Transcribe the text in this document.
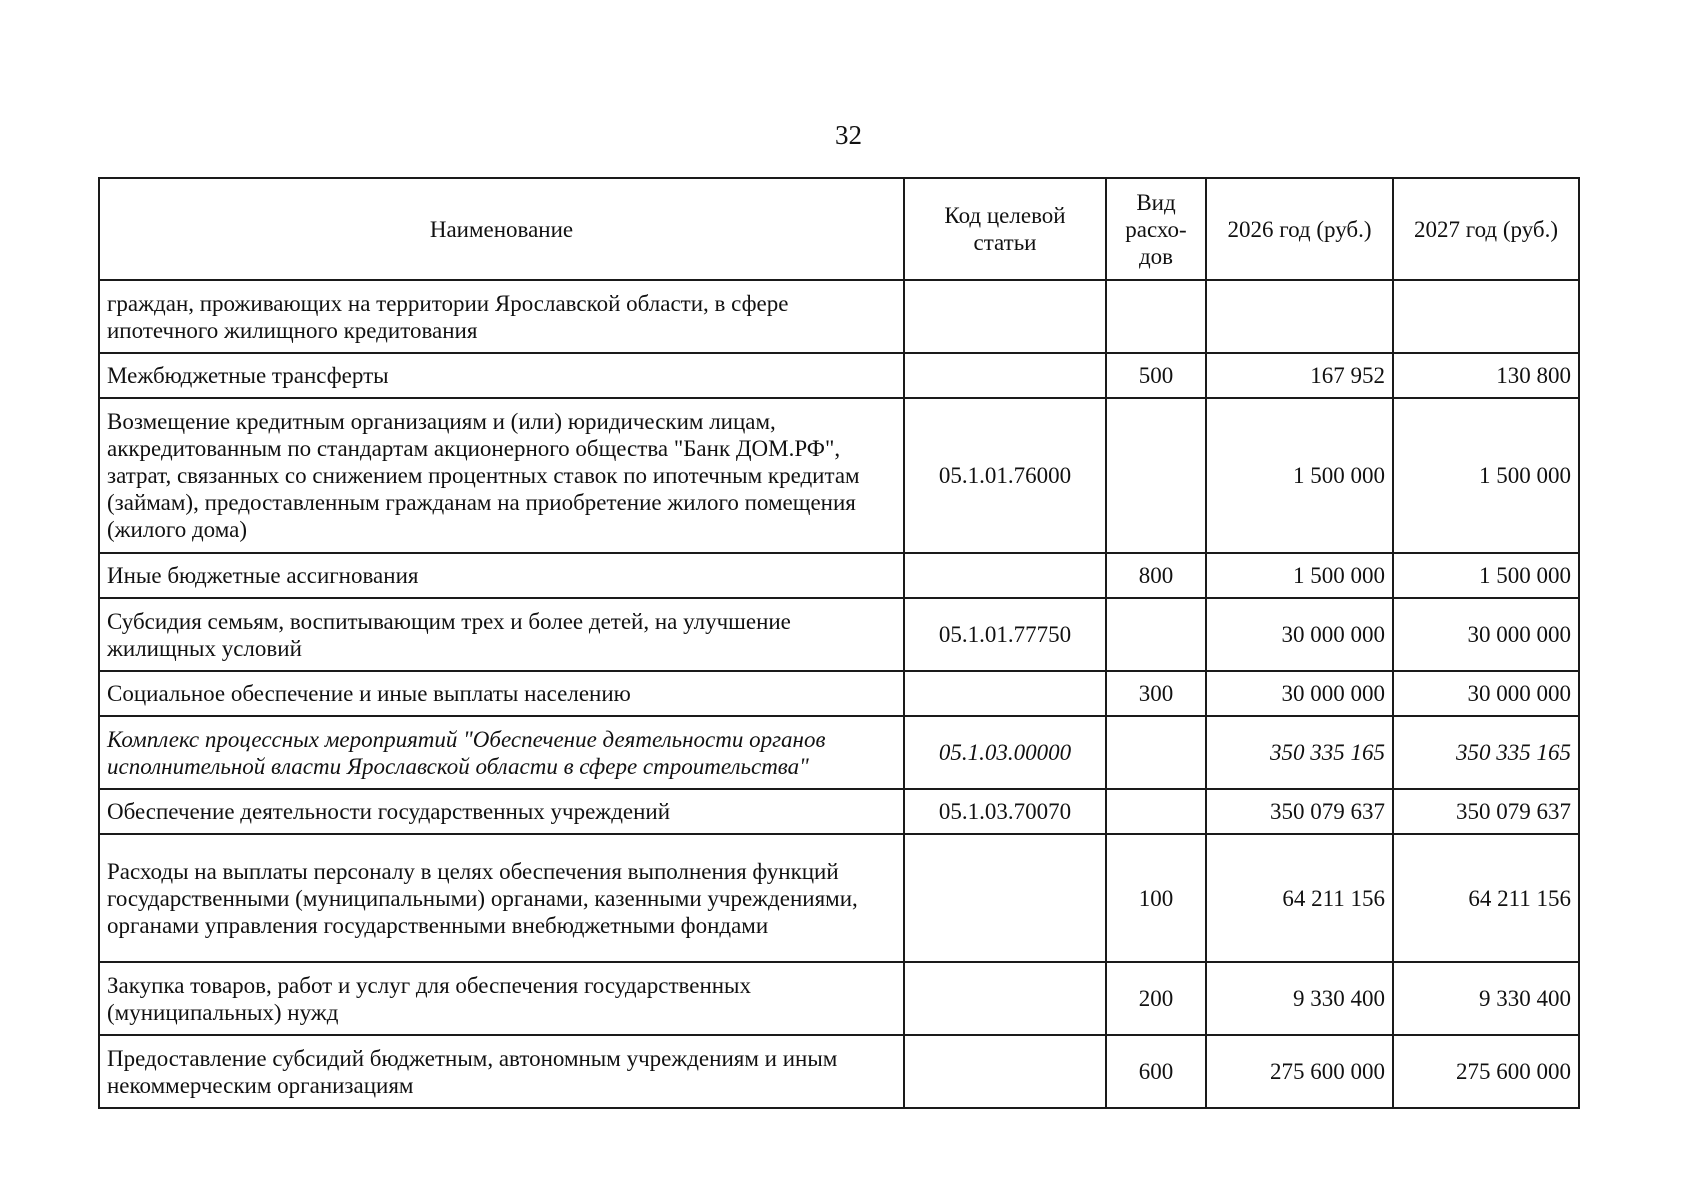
32
Наименование	Код целевой статьи	Вид расхо-дов	2026 год (руб.)	2027 год (руб.)
граждан, проживающих на территории Ярославской области, в сфере ипотечного жилищного кредитования				
Межбюджетные трансферты		500	167 952	130 800
Возмещение кредитным организациям и (или) юридическим лицам, аккредитованным по стандартам акционерного общества "Банк ДОМ.РФ", затрат, связанных со снижением процентных ставок по ипотечным кредитам (займам), предоставленным гражданам на приобретение жилого помещения (жилого дома)	05.1.01.76000		1 500 000	1 500 000
Иные бюджетные ассигнования		800	1 500 000	1 500 000
Субсидия семьям, воспитывающим трех и более детей, на улучшение жилищных условий	05.1.01.77750		30 000 000	30 000 000
Социальное обеспечение и иные выплаты населению		300	30 000 000	30 000 000
Комплекс процессных мероприятий "Обеспечение деятельности органов исполнительной власти Ярославской области в сфере строительства"	05.1.03.00000		350 335 165	350 335 165
Обеспечение деятельности государственных учреждений	05.1.03.70070		350 079 637	350 079 637
Расходы на выплаты персоналу в целях обеспечения выполнения функций государственными (муниципальными) органами, казенными учреждениями, органами управления государственными внебюджетными фондами		100	64 211 156	64 211 156
Закупка товаров, работ и услуг для обеспечения государственных (муниципальных) нужд		200	9 330 400	9 330 400
Предоставление субсидий бюджетным, автономным учреждениям и иным некоммерческим организациям		600	275 600 000	275 600 000
